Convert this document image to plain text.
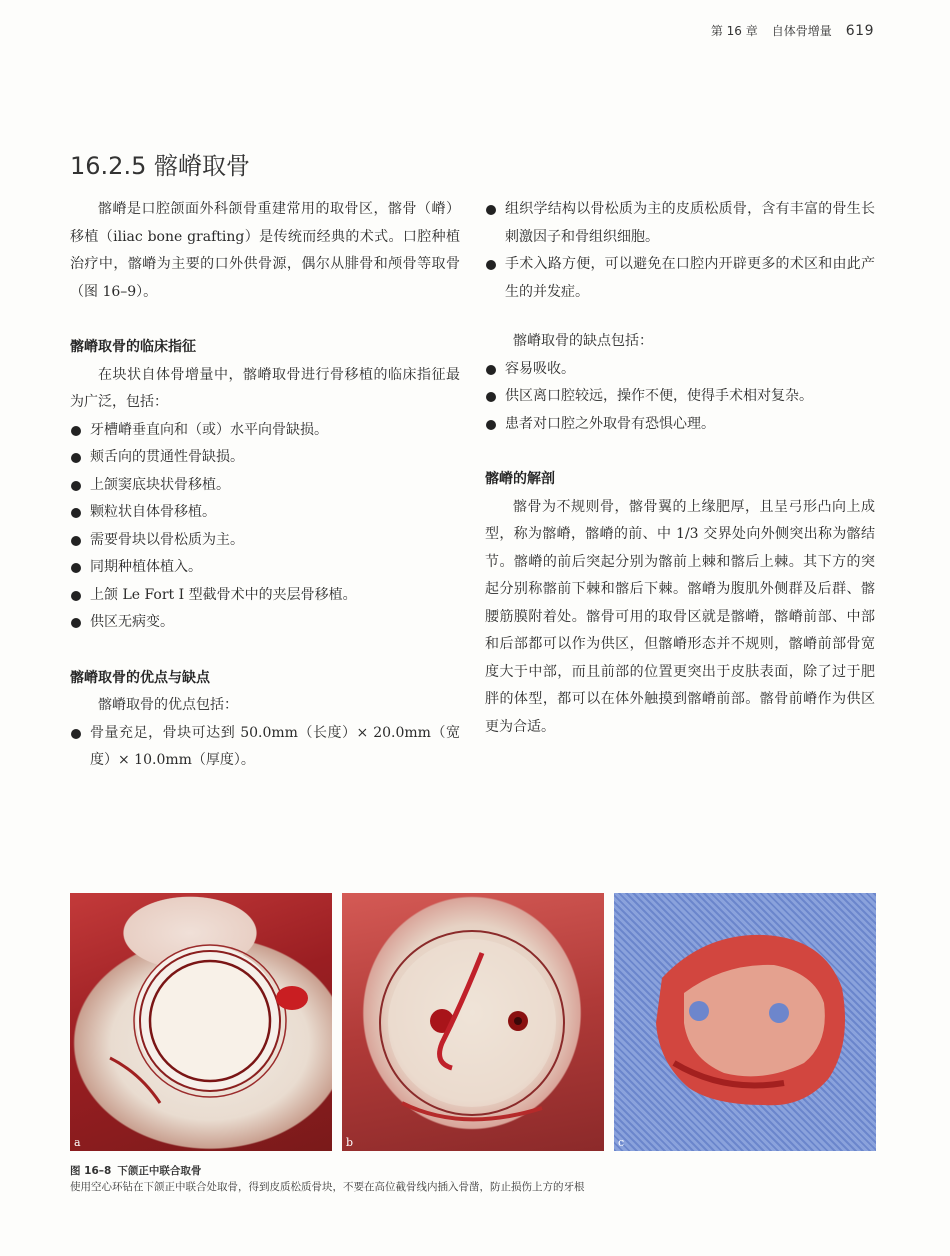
第 16 章 自体骨增量 619
16.2.5 髂嵴取骨

髂嵴是口腔颌面外科颌骨重建常用的取骨区，髂骨（嵴）移植（iliac bone grafting）是传统而经典的术式。口腔种植治疗中，髂嵴为主要的口外供骨源，偶尔从腓骨和颅骨等取骨（图 16–9）。

髂嵴取骨的临床指征

在块状自体骨增量中，髂嵴取骨进行骨移植的临床指征最为广泛，包括：

牙槽嵴垂直向和（或）水平向骨缺损。
颊舌向的贯通性骨缺损。
上颌窦底块状骨移植。
颗粒状自体骨移植。
需要骨块以骨松质为主。
同期种植体植入。
上颌 Le Fort Ⅰ 型截骨术中的夹层骨移植。
供区无病变。
髂嵴取骨的优点与缺点

髂嵴取骨的优点包括：

骨量充足，骨块可达到 50.0mm（长度）× 20.0mm（宽度）× 10.0mm（厚度）。
组织学结构以骨松质为主的皮质松质骨，含有丰富的骨生长刺激因子和骨组织细胞。
手术入路方便，可以避免在口腔内开辟更多的术区和由此产生的并发症。

髂嵴取骨的缺点包括：

容易吸收。
供区离口腔较远，操作不便，使得手术相对复杂。
患者对口腔之外取骨有恐惧心理。
髂嵴的解剖

髂骨为不规则骨，髂骨翼的上缘肥厚，且呈弓形凸向上成型，称为髂嵴，髂嵴的前、中 1/3 交界处向外侧突出称为髂结节。髂嵴的前后突起分别为髂前上棘和髂后上棘。其下方的突起分别称髂前下棘和髂后下棘。髂嵴为腹肌外侧群及后群、髂腰筋膜附着处。髂骨可用的取骨区就是髂嵴，髂嵴前部、中部和后部都可以作为供区，但髂嵴形态并不规则，髂嵴前部骨宽度大于中部，而且前部的位置更突出于皮肤表面，除了过于肥胖的体型，都可以在体外触摸到髂嵴前部。髂骨前嵴作为供区更为合适。

a	b	c
图 16–8 下颌正中联合取骨
使用空心环钻在下颌正中联合处取骨，得到皮质松质骨块，不要在高位截骨线内插入骨凿，防止损伤上方的牙根
